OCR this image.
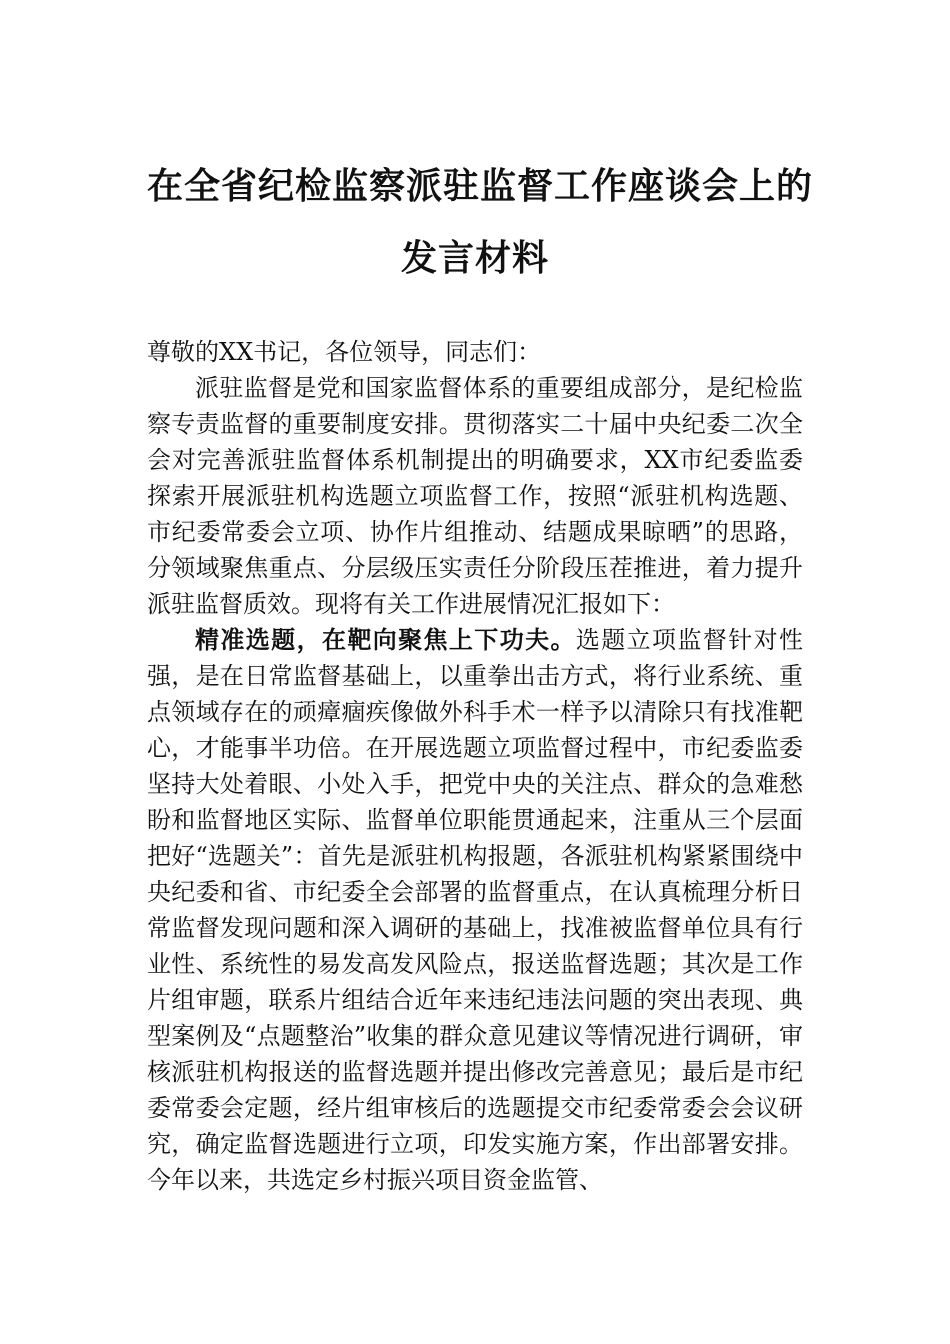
在全省纪检监察派驻监督工作座谈会上的
发言材料

尊敬的XX书记，各位领导，同志们：

派驻监督是党和国家监督体系的重要组成部分，是纪检监察专责监督的重要制度安排。贯彻落实二十届中央纪委二次全会对完善派驻监督体系机制提出的明确要求，XX市纪委监委探索开展派驻机构选题立项监督工作，按照“派驻机构选题、市纪委常委会立项、协作片组推动、结题成果晾晒”的思路，分领域聚焦重点、分层级压实责任分阶段压茬推进，着力提升派驻监督质效。现将有关工作进展情况汇报如下：

精准选题，在靶向聚焦上下功夫。选题立项监督针对性强，是在日常监督基础上，以重拳出击方式，将行业系统、重点领域存在的顽瘴痼疾像做外科手术一样予以清除只有找准靶心，才能事半功倍。在开展选题立项监督过程中，市纪委监委坚持大处着眼、小处入手，把党中央的关注点、群众的急难愁盼和监督地区实际、监督单位职能贯通起来，注重从三个层面把好“选题关”：首先是派驻机构报题，各派驻机构紧紧围绕中央纪委和省、市纪委全会部署的监督重点，在认真梳理分析日常监督发现问题和深入调研的基础上，找准被监督单位具有行业性、系统性的易发高发风险点，报送监督选题；其次是工作片组审题，联系片组结合近年来违纪违法问题的突出表现、典型案例及“点题整治”收集的群众意见建议等情况进行调研，审核派驻机构报送的监督选题并提出修改完善意见；最后是市纪委常委会定题，经片组审核后的选题提交市纪委常委会会议研究，确定监督选题进行立项，印发实施方案，作出部署安排。今年以来，共选定乡村振兴项目资金监管、
